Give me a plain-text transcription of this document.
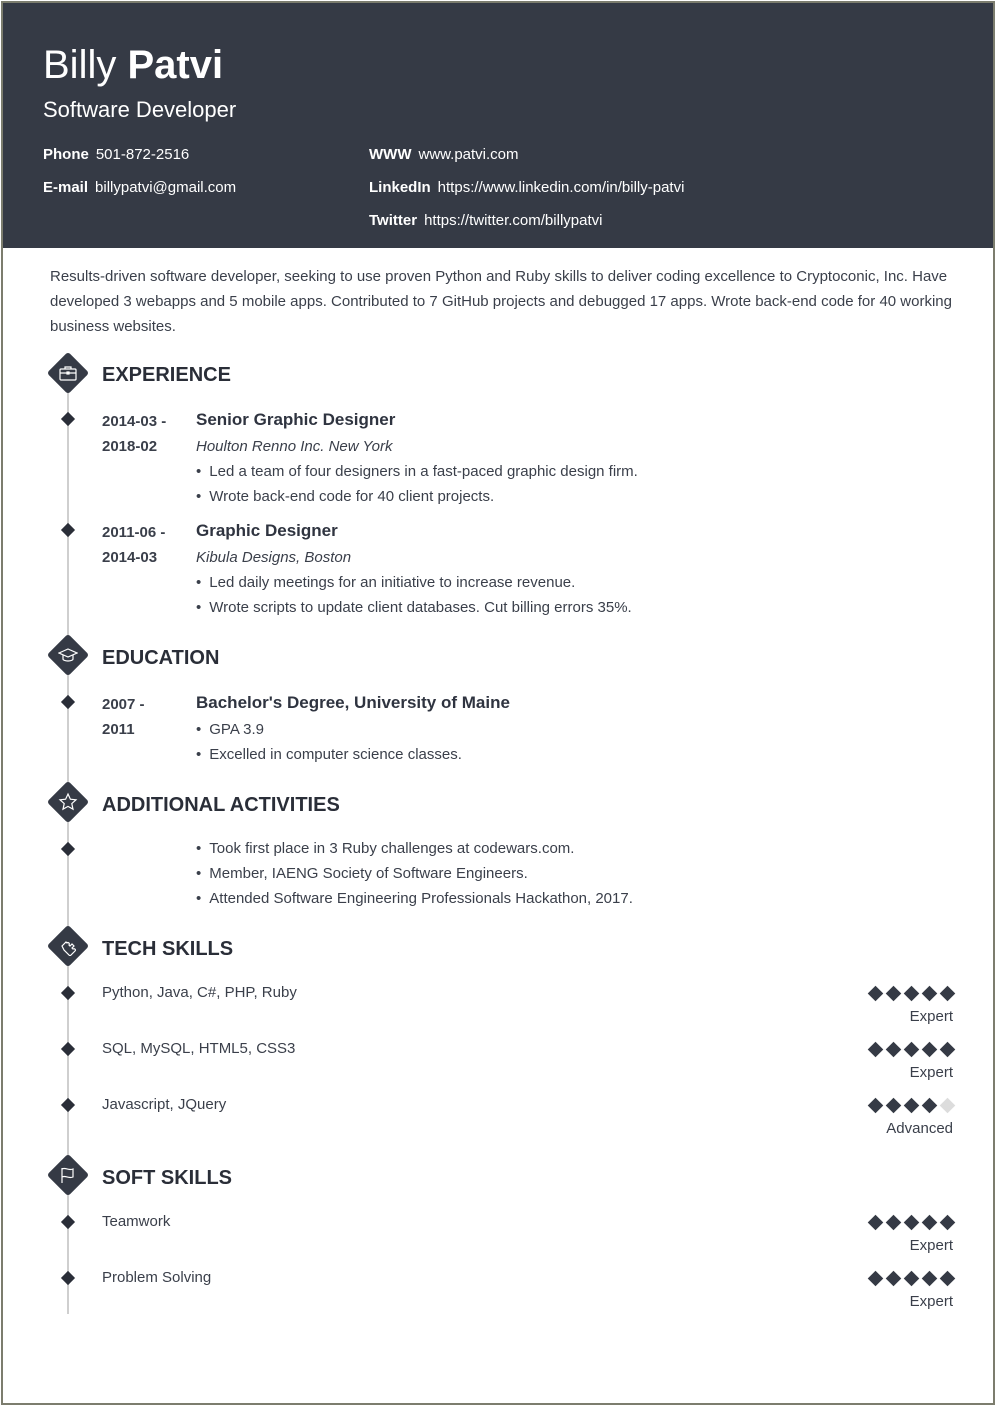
Billy Patvi
Software Developer
Phone 501-872-2516
E-mail billypatvi@gmail.com
WWW www.patvi.com
LinkedIn https://www.linkedin.com/in/billy-patvi
Twitter https://twitter.com/billypatvi
Results-driven software developer, seeking to use proven Python and Ruby skills to deliver coding excellence to Cryptoconic, Inc. Have developed 3 webapps and 5 mobile apps. Contributed to 7 GitHub projects and debugged 17 apps. Wrote back-end code for 40 working business websites.
EXPERIENCE
2014-03 -
2018-02
Senior Graphic Designer
Houlton Renno Inc. New York
• Led a team of four designers in a fast-paced graphic design firm.
• Wrote back-end code for 40 client projects.
2011-06 -
2014-03
Graphic Designer
Kibula Designs, Boston
• Led daily meetings for an initiative to increase revenue.
• Wrote scripts to update client databases. Cut billing errors 35%.
EDUCATION
2007 -
2011
Bachelor's Degree, University of Maine
• GPA 3.9
• Excelled in computer science classes.
ADDITIONAL ACTIVITIES
• Took first place in 3 Ruby challenges at codewars.com.
• Member, IAENG Society of Software Engineers.
• Attended Software Engineering Professionals Hackathon, 2017.
TECH SKILLS
Python, Java, C#, PHP, Ruby
Expert
SQL, MySQL, HTML5, CSS3
Expert
Javascript, JQuery
Advanced
SOFT SKILLS
Teamwork
Expert
Problem Solving
Expert
